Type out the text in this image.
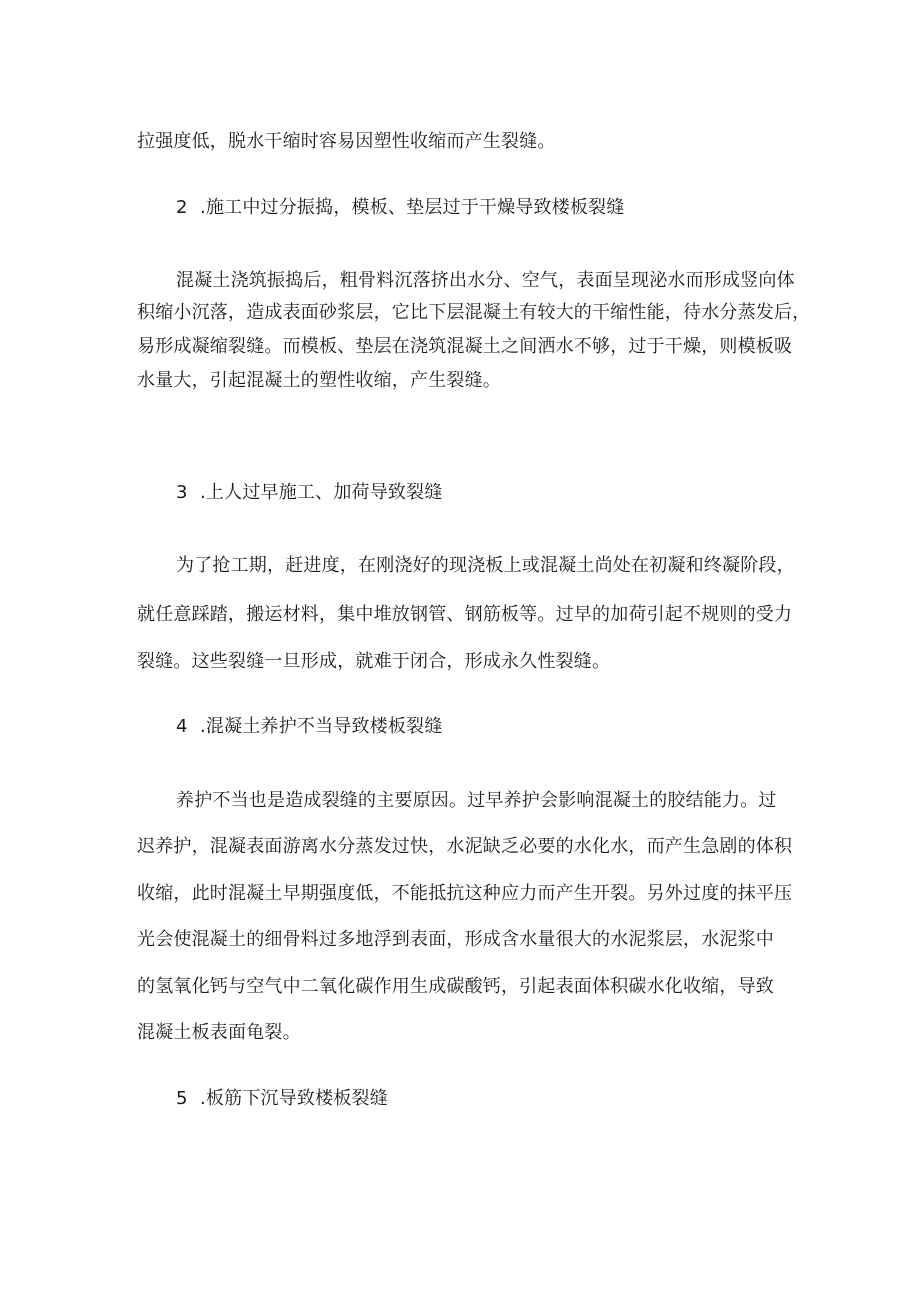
拉强度低，脱水干缩时容易因塑性收缩而产生裂缝。
2 .施工中过分振捣，模板、垫层过于干燥导致楼板裂缝
混凝土浇筑振捣后，粗骨料沉落挤出水分、空气，表面呈现泌水而形成竖向体
积缩小沉落，造成表面砂浆层，它比下层混凝土有较大的干缩性能，待水分蒸发后，
易形成凝缩裂缝。而模板、垫层在浇筑混凝土之间洒水不够，过于干燥，则模板吸
水量大，引起混凝土的塑性收缩，产生裂缝。
3 .上人过早施工、加荷导致裂缝
为了抢工期，赶进度，在刚浇好的现浇板上或混凝土尚处在初凝和终凝阶段，
就任意踩踏，搬运材料，集中堆放钢管、钢筋板等。过早的加荷引起不规则的受力
裂缝。这些裂缝一旦形成，就难于闭合，形成永久性裂缝。
4 .混凝土养护不当导致楼板裂缝
养护不当也是造成裂缝的主要原因。过早养护会影响混凝土的胶结能力。过
迟养护，混凝表面游离水分蒸发过快，水泥缺乏必要的水化水，而产生急剧的体积
收缩，此时混凝土早期强度低，不能抵抗这种应力而产生开裂。另外过度的抹平压
光会使混凝土的细骨料过多地浮到表面，形成含水量很大的水泥浆层，水泥浆中
的氢氧化钙与空气中二氧化碳作用生成碳酸钙，引起表面体积碳水化收缩，导致
混凝土板表面龟裂。
5 .板筋下沉导致楼板裂缝
